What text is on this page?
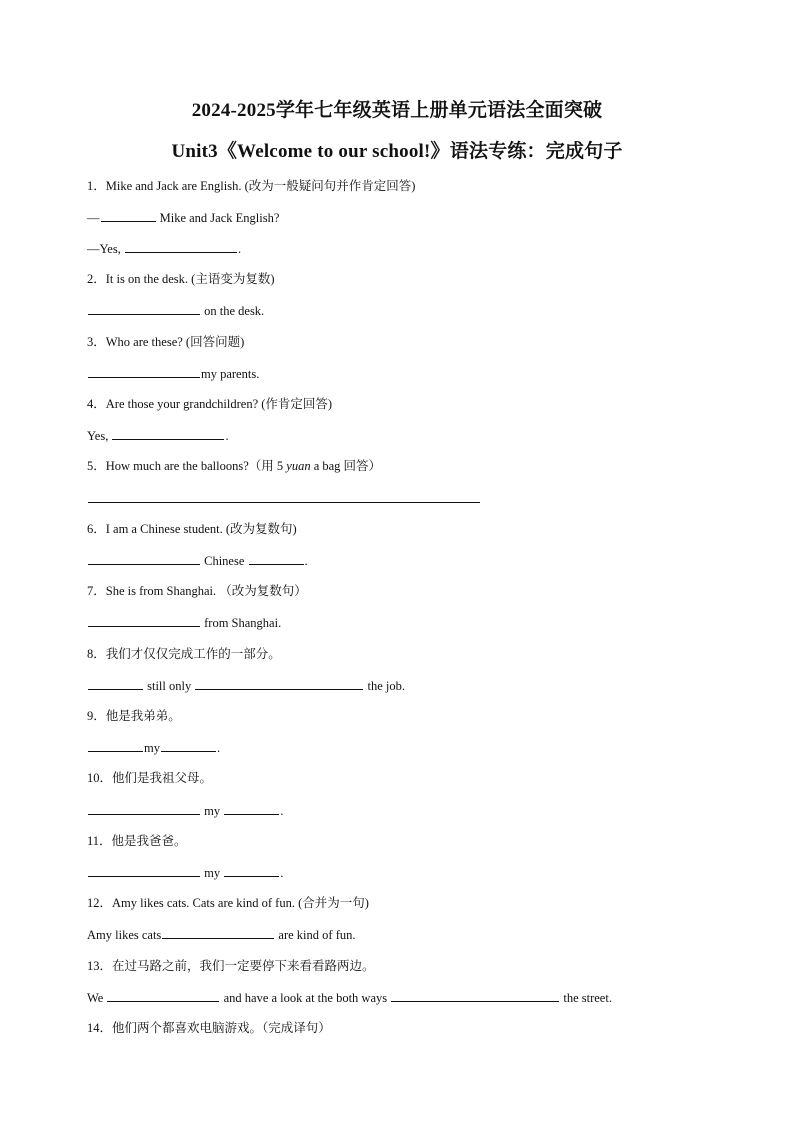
2024-2025学年七年级英语上册单元语法全面突破
Unit3《Welcome to our school!》语法专练：完成句子
1．Mike and Jack are English. (改为一般疑问句并作肯定回答)
—	Mike and Jack English?
—Yes,	.
2．It is on the desk. (主语变为复数)
on the desk.
3．Who are these? (回答问题)
my parents.
4．Are those your grandchildren? (作肯定回答)
Yes,	.
5．How much are the balloons?（用 5 yuan a bag 回答）
6．I am a Chinese student. (改为复数句)
Chinese	.
7．She is from Shanghai. （改为复数句）
from Shanghai.
8．我们才仅仅完成工作的一部分。
still only	the job.
9．他是我弟弟。
my	.
10．他们是我祖父母。
my	.
11．他是我爸爸。
my	.
12．Amy likes cats. Cats are kind of fun. (合并为一句)
Amy likes cats	are kind of fun.
13．在过马路之前，我们一定要停下来看看路两边。
We	and have a look at the both ways	the street.
14．他们两个都喜欢电脑游戏。（完成译句）
